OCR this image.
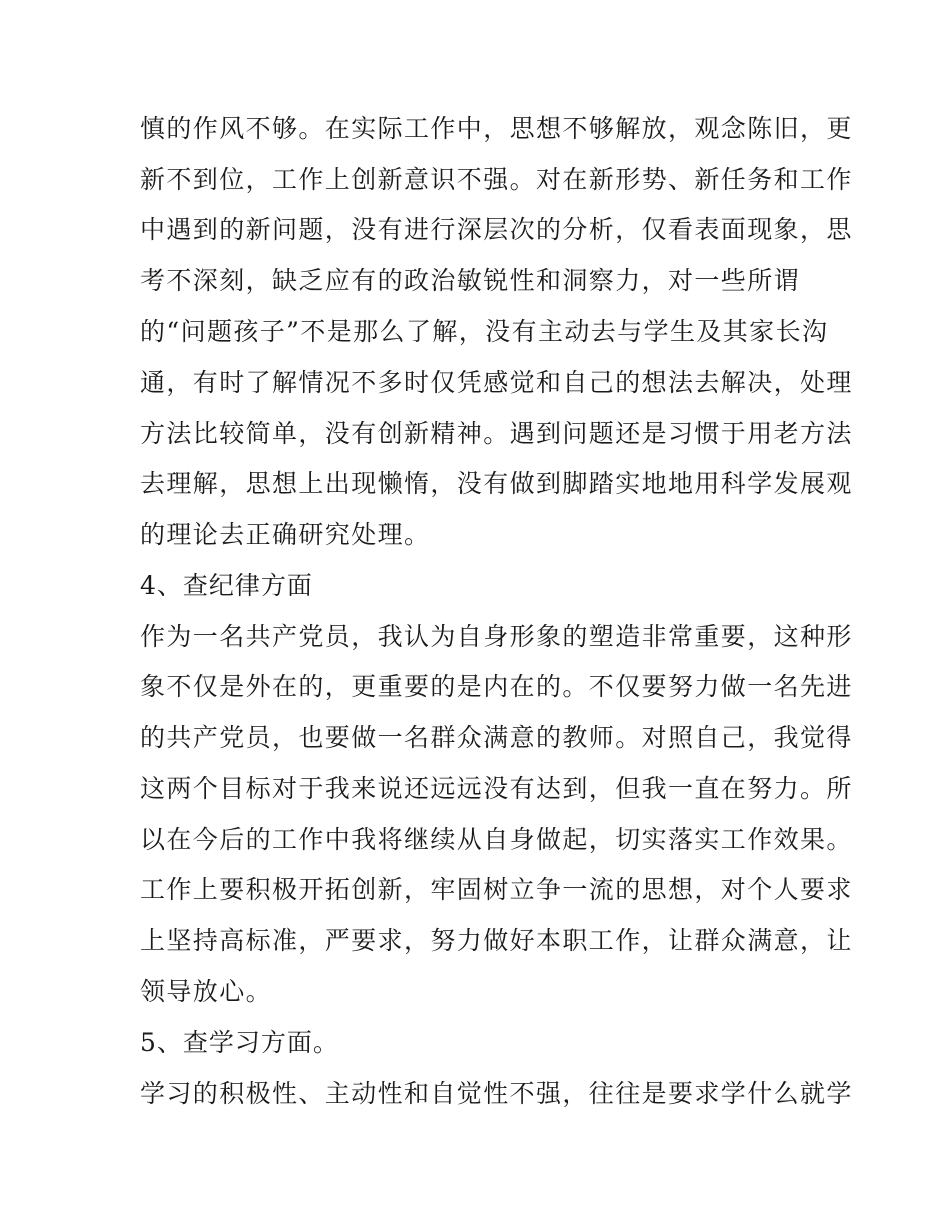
慎的作风不够。在实际工作中，思想不够解放，观念陈旧，更
新不到位，工作上创新意识不强。对在新形势、新任务和工作
中遇到的新问题，没有进行深层次的分析，仅看表面现象，思
考不深刻，缺乏应有的政治敏锐性和洞察力，对一些所谓
的“问题孩子”不是那么了解，没有主动去与学生及其家长沟
通，有时了解情况不多时仅凭感觉和自己的想法去解决，处理
方法比较简单，没有创新精神。遇到问题还是习惯于用老方法
去理解，思想上出现懒惰，没有做到脚踏实地地用科学发展观
的理论去正确研究处理。
4、查纪律方面
作为一名共产党员，我认为自身形象的塑造非常重要，这种形
象不仅是外在的，更重要的是内在的。不仅要努力做一名先进
的共产党员，也要做一名群众满意的教师。对照自己，我觉得
这两个目标对于我来说还远远没有达到，但我一直在努力。所
以在今后的工作中我将继续从自身做起，切实落实工作效果。
工作上要积极开拓创新，牢固树立争一流的思想，对个人要求
上坚持高标准，严要求，努力做好本职工作，让群众满意，让
领导放心。
5、查学习方面。
学习的积极性、主动性和自觉性不强，往往是要求学什么就学
